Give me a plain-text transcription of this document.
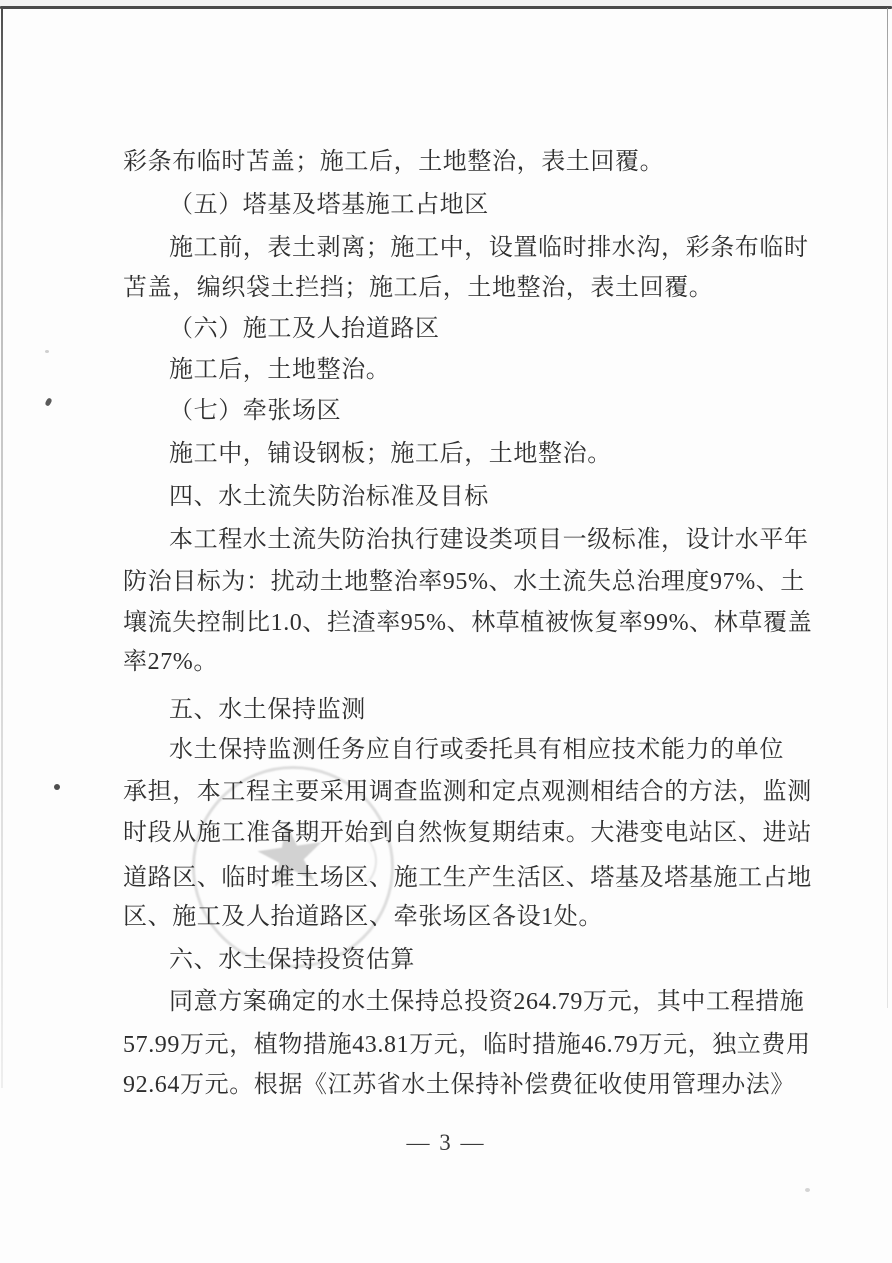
★

彩条布临时苫盖；施工后，土地整治，表土回覆。

（五）塔基及塔基施工占地区

施工前，表土剥离；施工中，设置临时排水沟，彩条布临时

苫盖，编织袋土拦挡；施工后，土地整治，表土回覆。

（六）施工及人抬道路区

施工后，土地整治。

（七）牵张场区

施工中，铺设钢板；施工后，土地整治。

四、水土流失防治标准及目标

本工程水土流失防治执行建设类项目一级标准，设计水平年

防治目标为：扰动土地整治率95%、水土流失总治理度97%、土

壤流失控制比1.0、拦渣率95%、林草植被恢复率99%、林草覆盖

率27%。

五、水土保持监测

水土保持监测任务应自行或委托具有相应技术能力的单位

承担，本工程主要采用调查监测和定点观测相结合的方法，监测

时段从施工准备期开始到自然恢复期结束。大港变电站区、进站

道路区、临时堆土场区、施工生产生活区、塔基及塔基施工占地

区、施工及人抬道路区、牵张场区各设1处。

六、水土保持投资估算

同意方案确定的水土保持总投资264.79万元，其中工程措施

57.99万元，植物措施43.81万元，临时措施46.79万元，独立费用

92.64万元。根据《江苏省水土保持补偿费征收使用管理办法》

— 3 —
